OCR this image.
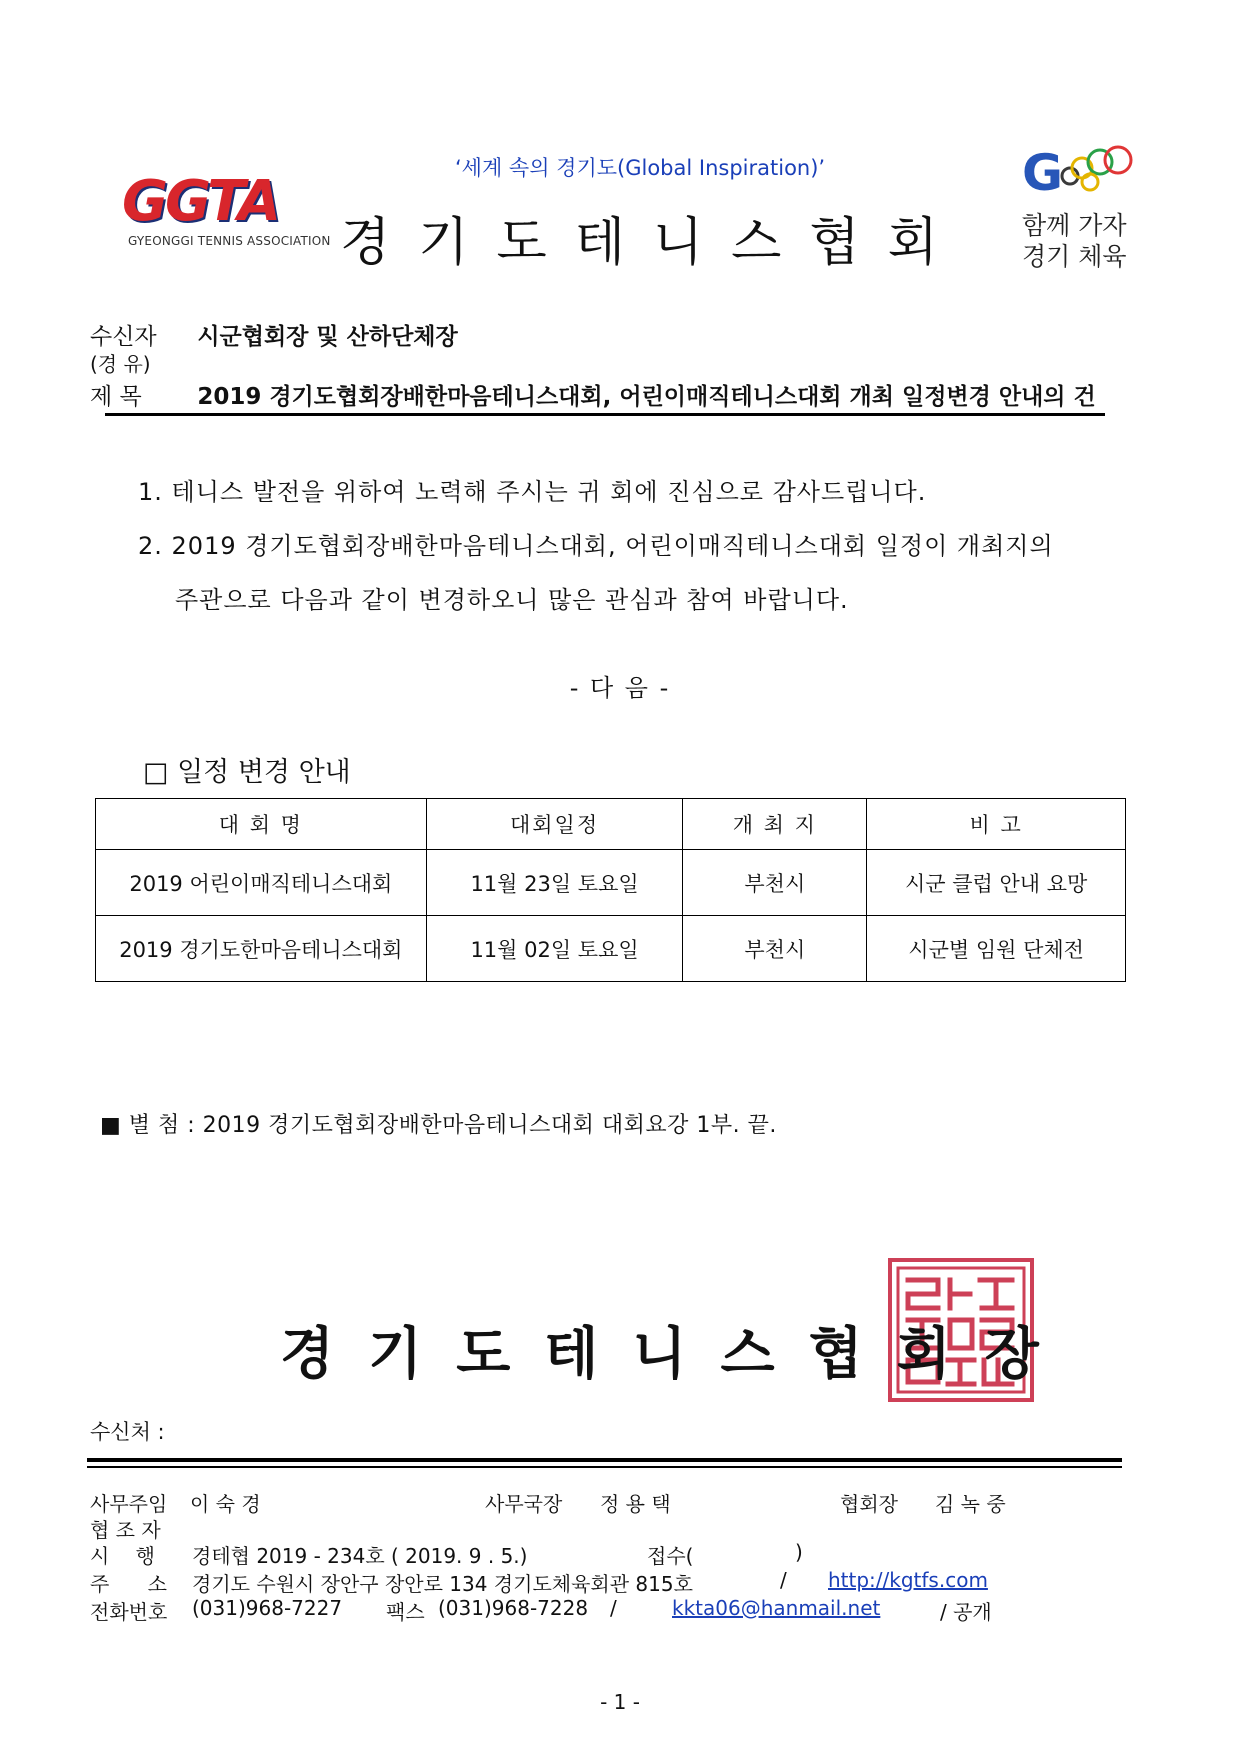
‘세계 속의 경기도(Global Inspiration)’
GGTA
GYEONGGI TENNIS ASSOCIATION 경기도테니스협회
G
함께 가자
경기 체육
수신자 시군협회장 및 산하단체장
(경 유)
제 목 2019 경기도협회장배한마음테니스대회, 어린이매직테니스대회 개최 일정변경 안내의 건
1. 테니스 발전을 위하여 노력해 주시는 귀 회에 진심으로 감사드립니다.
2. 2019 경기도협회장배한마음테니스대회, 어린이매직테니스대회 일정이 개최지의
주관으로 다음과 같이 변경하오니 많은 관심과 참여 바랍니다.
- 다 음 -
□ 일정 변경 안내
대 회 명	대회일정	개 최 지	비 고
2019 어린이매직테니스대회	11월 23일 토요일	부천시	시군 클럽 안내 요망
2019 경기도한마음테니스대회	11월 02일 토요일	부천시	시군별 임원 단체전
■ 별 첨 : 2019 경기도협회장배한마음테니스대회 대회요강 1부. 끝.
경기도테니스협회장
수신처 :
사무주임 이 숙 경	사무국장 정 용 택	협회장 김 녹 중
협 조 자
시 행 경테협 2019 - 234호 ( 2019. 9 . 5.)	접수(	)
주 소 경기도 수원시 장안구 장안로 134 경기도체육회관 815호	/ http://kgtfs.com
전화번호 (031)968-7227 팩스 (031)968-7228 /	kkta06@hanmail.net	/ 공개
- 1 -
